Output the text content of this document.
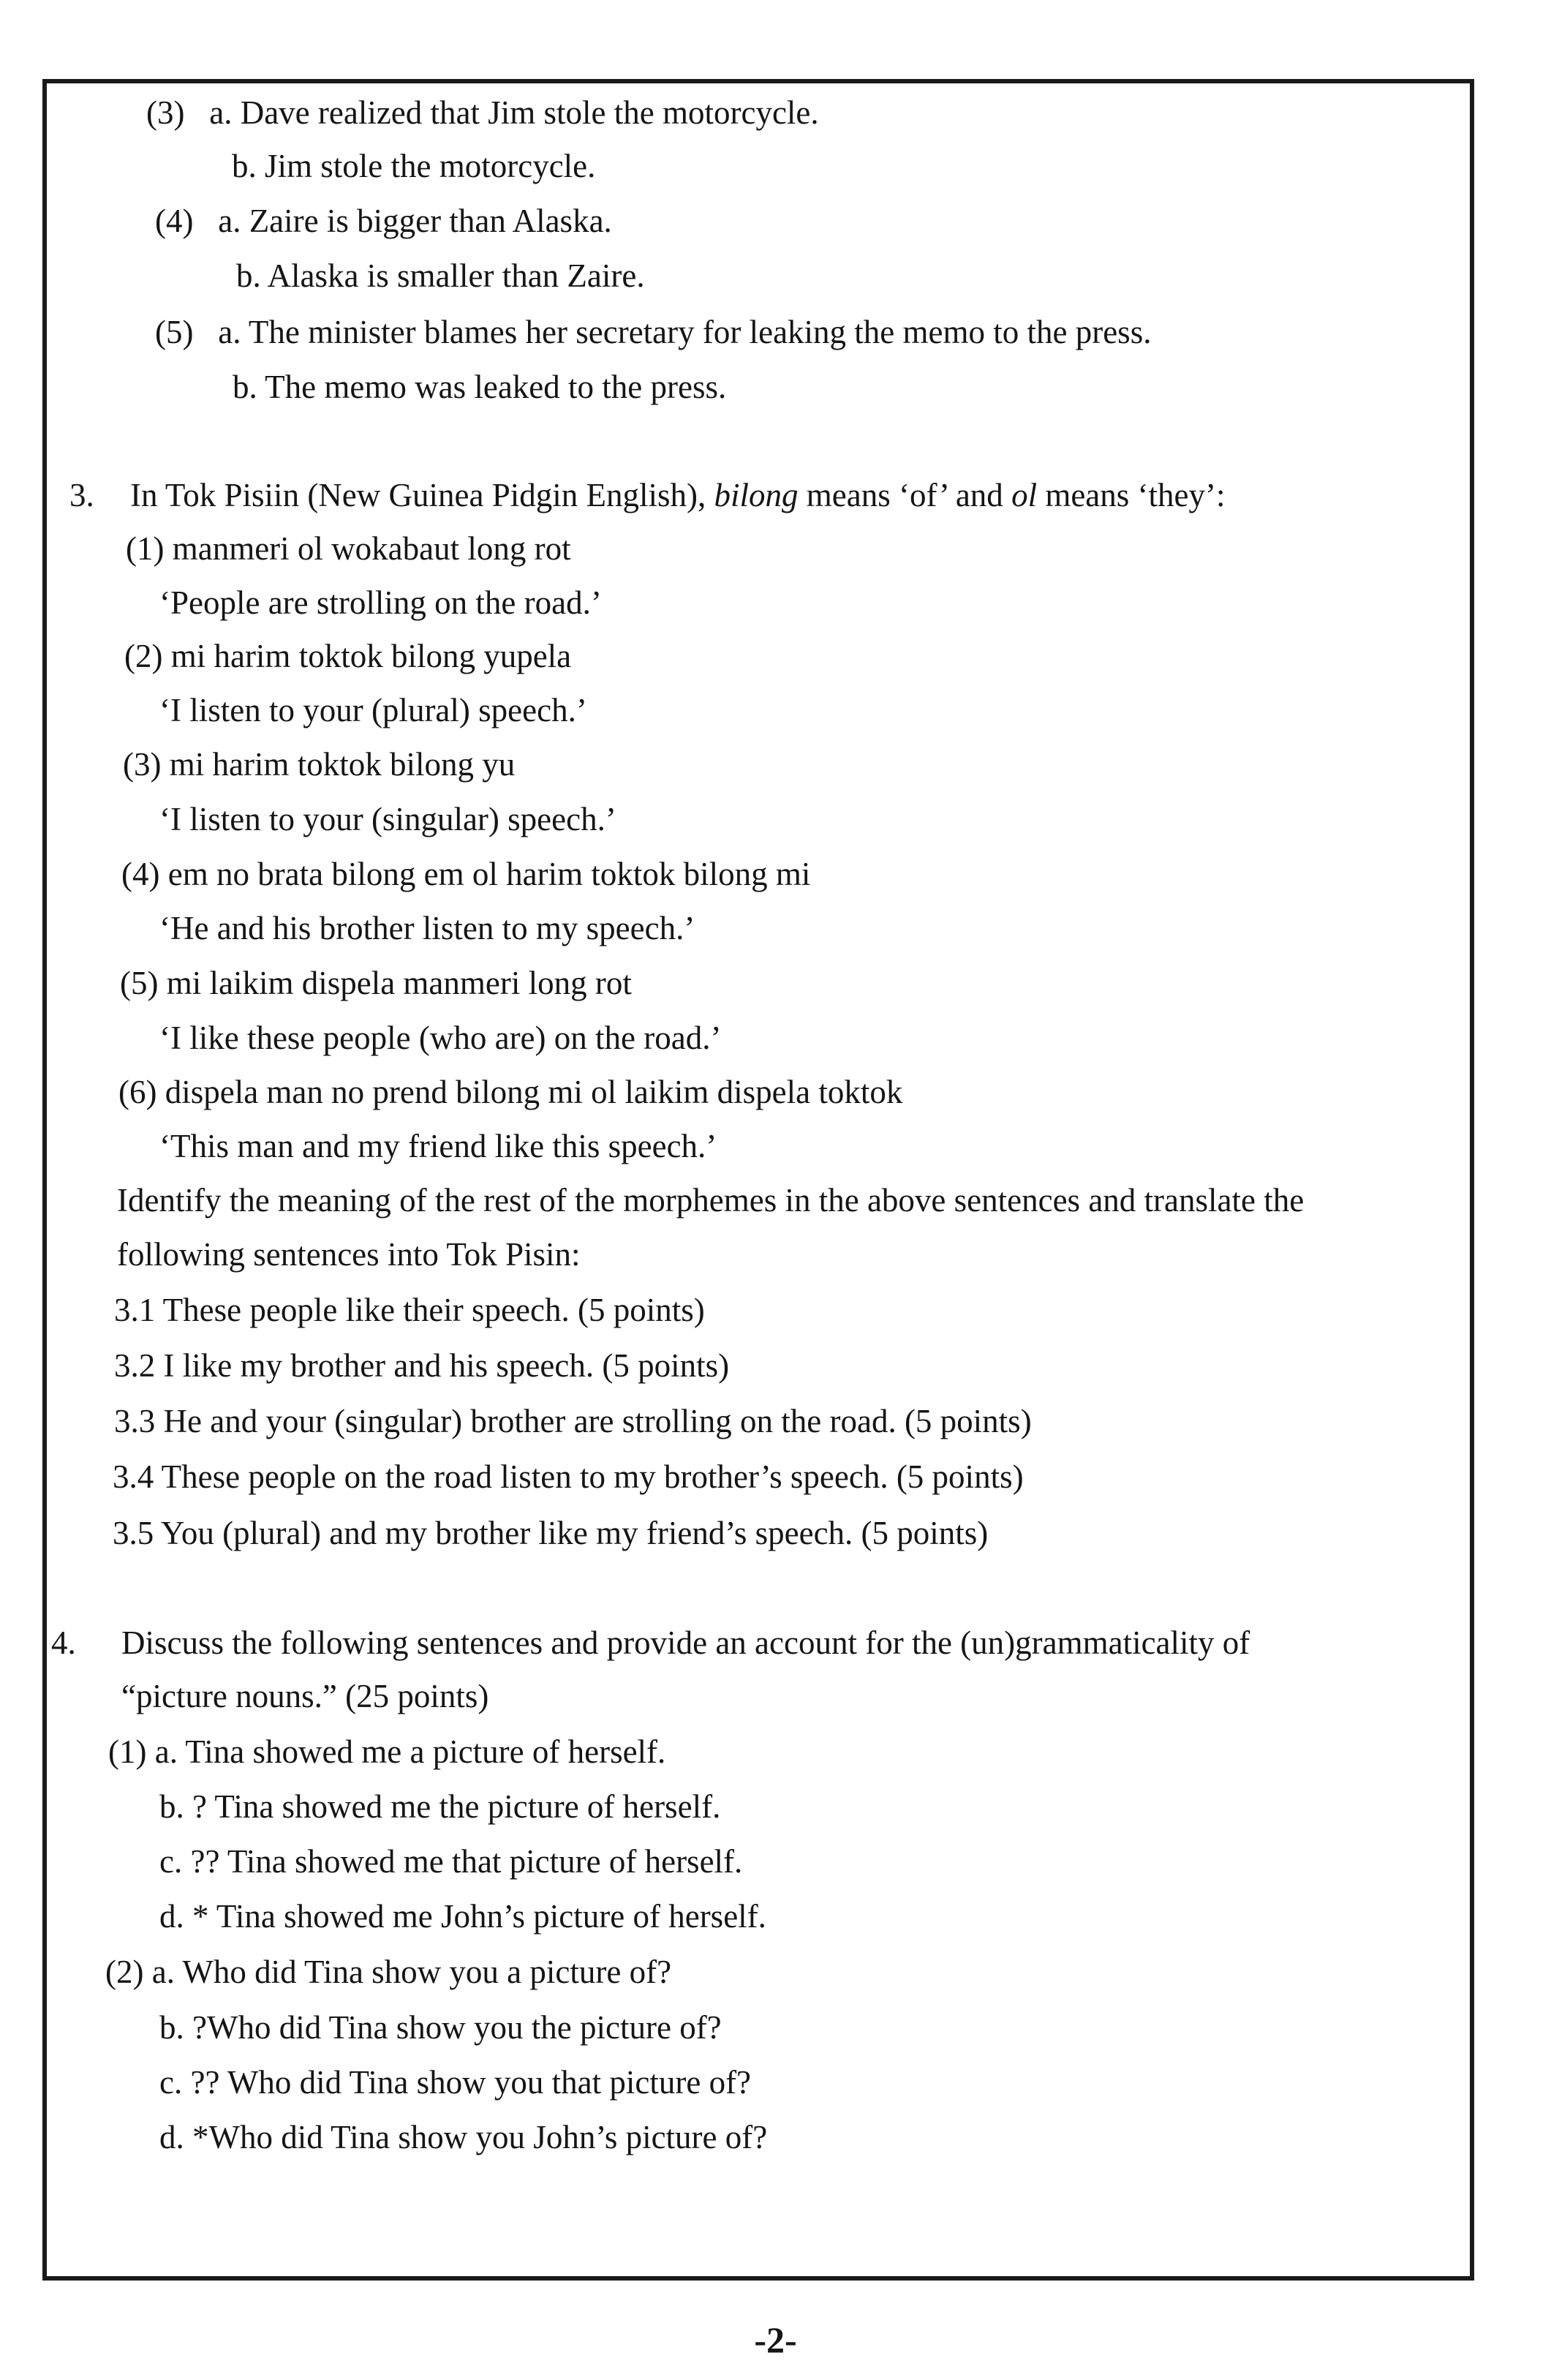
(3)  a. Dave realized that Jim stole the motorcycle.
b. Jim stole the motorcycle.
(4)  a. Zaire is bigger than Alaska.
b. Alaska is smaller than Zaire.
(5)  a. The minister blames her secretary for leaking the memo to the press.
b. The memo was leaked to the press.
3. In Tok Pisiin (New Guinea Pidgin English), bilong means ‘of’ and ol means ‘they’:
(1) manmeri ol wokabaut long rot
‘People are strolling on the road.’
(2) mi harim toktok bilong yupela
‘I listen to your (plural) speech.’
(3) mi harim toktok bilong yu
‘I listen to your (singular) speech.’
(4) em no brata bilong em ol harim toktok bilong mi
‘He and his brother listen to my speech.’
(5) mi laikim dispela manmeri long rot
‘I like these people (who are) on the road.’
(6) dispela man no prend bilong mi ol laikim dispela toktok
‘This man and my friend like this speech.’
Identify the meaning of the rest of the morphemes in the above sentences and translate the
following sentences into Tok Pisin:
3.1 These people like their speech. (5 points)
3.2 I like my brother and his speech. (5 points)
3.3 He and your (singular) brother are strolling on the road. (5 points)
3.4 These people on the road listen to my brother’s speech. (5 points)
3.5 You (plural) and my brother like my friend’s speech. (5 points)
4. Discuss the following sentences and provide an account for the (un)grammaticality of
“picture nouns.” (25 points)
(1) a. Tina showed me a picture of herself.
b. ? Tina showed me the picture of herself.
c. ?? Tina showed me that picture of herself.
d. * Tina showed me John’s picture of herself.
(2) a. Who did Tina show you a picture of?
b. ?Who did Tina show you the picture of?
c. ?? Who did Tina show you that picture of?
d. *Who did Tina show you John’s picture of?
-2-
